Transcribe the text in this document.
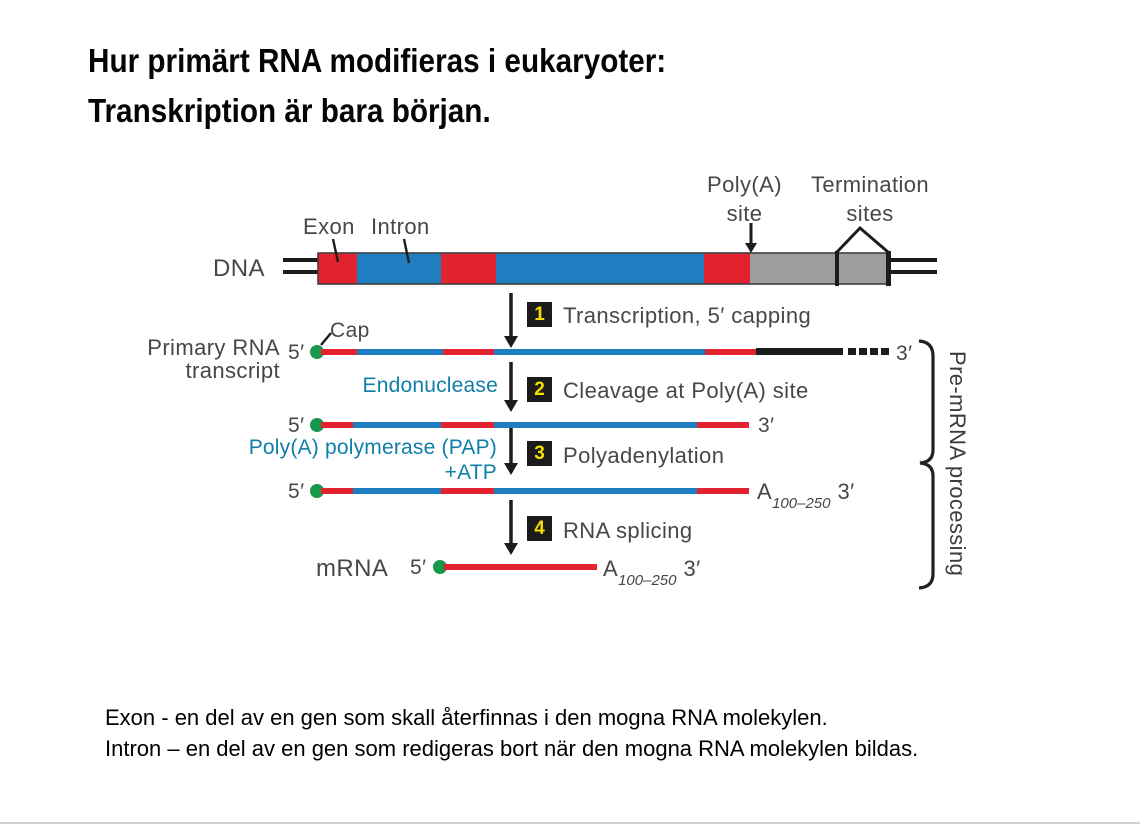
Hur primärt RNA modifieras i eukaryoter:
Transkription är bara början.
DNA
Exon Intron
Poly(A)
site
Termination
sites
1 Transcription, 5′ capping
2 Cleavage at Poly(A) site
3 Polyadenylation
4 RNA splicing
Endonuclease
Poly(A) polymerase (PAP)
+ATP
Primary RNA
transcript
Cap
5′	3′
5′	3′
5′	$A_{100-250}$ 3′
$A_{100-250}$ 3′
mRNA 5′	Pre-mRNA processing
Exon - en del av en gen som skall återfinnas i den mogna RNA molekylen.
Intron – en del av en gen som redigeras bort när den mogna RNA molekylen bildas.
